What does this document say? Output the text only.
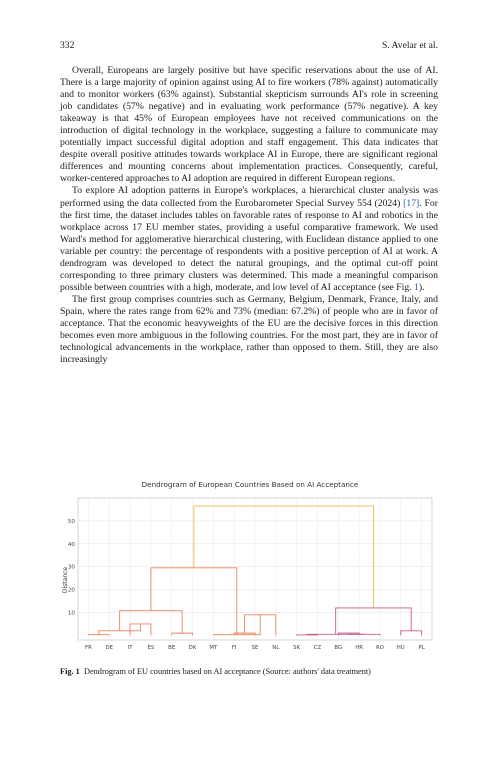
332	S. Avelar et al.

Overall, Europeans are largely positive but have specific reservations about the use of AI. There is a large majority of opinion against using AI to fire workers (78% against) automatically and to monitor workers (63% against). Substantial skepticism surrounds AI's role in screening job candidates (57% negative) and in evaluating work performance (57% negative). A key takeaway is that 45% of European employees have not received communications on the introduction of digital technology in the workplace, suggesting a failure to communicate may potentially impact successful digital adoption and staff engagement. This data indicates that despite overall positive attitudes towards workplace AI in Europe, there are significant regional differences and mounting concerns about implementation practices. Consequently, careful, worker-centered approaches to AI adoption are required in different European regions.

To explore AI adoption patterns in Europe's workplaces, a hierarchical cluster analysis was performed using the data collected from the Eurobarometer Special Survey 554 (2024) [17]. For the first time, the dataset includes tables on favorable rates of response to AI and robotics in the workplace across 17 EU member states, providing a useful comparative framework. We used Ward's method for agglomerative hierarchical clustering, with Euclidean distance applied to one variable per country: the percentage of respondents with a positive perception of AI at work. A dendrogram was developed to detect the natural groupings, and the optimal cut-off point corresponding to three primary clusters was determined. This made a meaningful comparison possible between countries with a high, moderate, and low level of AI acceptance (see Fig. 1).

The first group comprises countries such as Germany, Belgium, Denmark, France, Italy, and Spain, where the rates range from 62% and 73% (median: 67.2%) of people who are in favor of acceptance. That the economic heavyweights of the EU are the decisive forces in this direction becomes even more ambiguous in the following countries. For the most part, they are in favor of technological advancements in the workplace, rather than opposed to them. Still, they are also increasingly

10
20
30
40
50
FR	DE	IT	ES	BE DK MT	FI	SE	NL	SK	CZ BG HR RO HU	PL
Dendrogram of European Countries Based on AI Acceptance
Distance
Fig. 1 Dendrogram of EU countries based on AI acceptance (Source: authors' data treatment)
